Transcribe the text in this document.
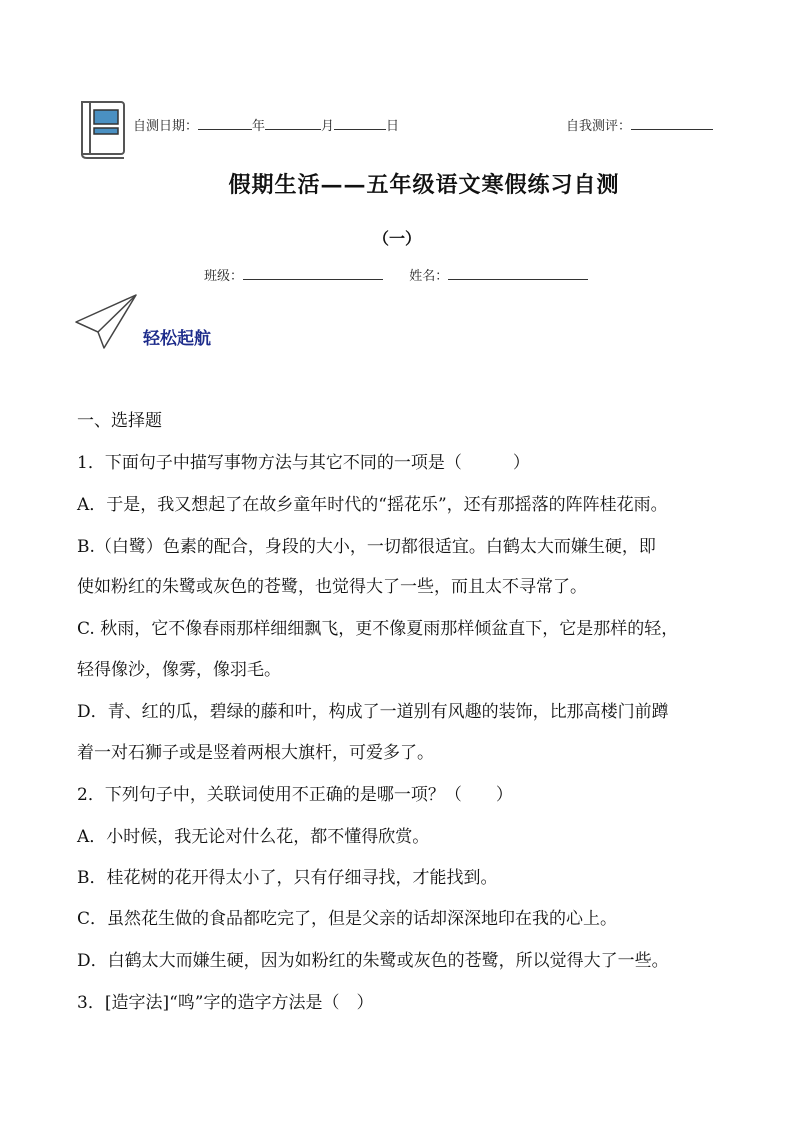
自测日期：	年	月	日	自我测评：
假期生活——五年级语文寒假练习自测
（一）
班级：	姓名：
轻松起航
一、选择题
1．下面句子中描写事物方法与其它不同的一项是（　　　）
A．于是，我又想起了在故乡童年时代的“摇花乐”，还有那摇落的阵阵桂花雨。
B.（白鹭）色素的配合，身段的大小，一切都很适宜。白鹤太大而嫌生硬，即
使如粉红的朱鹭或灰色的苍鹭，也觉得大了一些，而且太不寻常了。
C. 秋雨，它不像春雨那样细细飘飞，更不像夏雨那样倾盆直下，它是那样的轻，
轻得像沙，像雾，像羽毛。
D．青、红的瓜，碧绿的藤和叶，构成了一道别有风趣的装饰，比那高楼门前蹲
着一对石狮子或是竖着两根大旗杆，可爱多了。
2．下列句子中，关联词使用不正确的是哪一项？（　　）
A．小时候，我无论对什么花，都不懂得欣赏。
B．桂花树的花开得太小了，只有仔细寻找，才能找到。
C．虽然花生做的食品都吃完了，但是父亲的话却深深地印在我的心上。
D．白鹤太大而嫌生硬，因为如粉红的朱鹭或灰色的苍鹭，所以觉得大了一些。
3．[造字法]“鸣”字的造字方法是（　）
